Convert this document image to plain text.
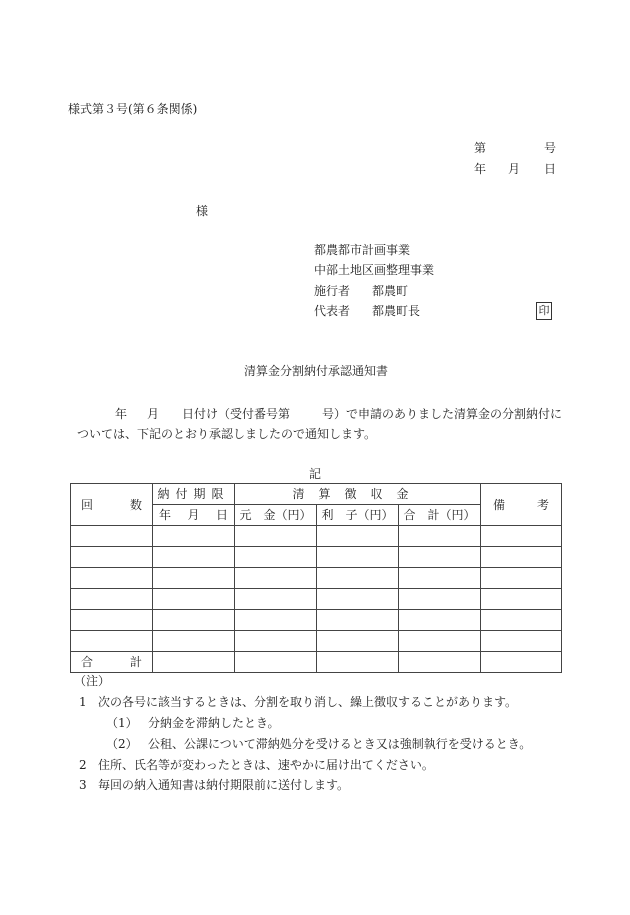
様式第３号(第６条関係)
第	号
年 月 日
様
都農都市計画事業
中部土地区画整理事業
施行者 都農町
代表者 都農町長	印
清算金分割納付承認通知書
年 月 日付け（受付番号第	号）で申請のありました清算金の分割納付に
ついては、下記のとおり承認しましたので通知します。
記
回 数	納付期限	清算徴収金			備 考

	年 月 日	元　金（円）	利　子（円）	合　計（円）	

合 計					

（注）
1 次の各号に該当するときは、分割を取り消し、繰上徴収することがあります。
（1） 分納金を滞納したとき。
（2） 公租、公課について滞納処分を受けるとき又は強制執行を受けるとき。
2 住所、氏名等が変わったときは、速やかに届け出てください。
3 毎回の納入通知書は納付期限前に送付します。
